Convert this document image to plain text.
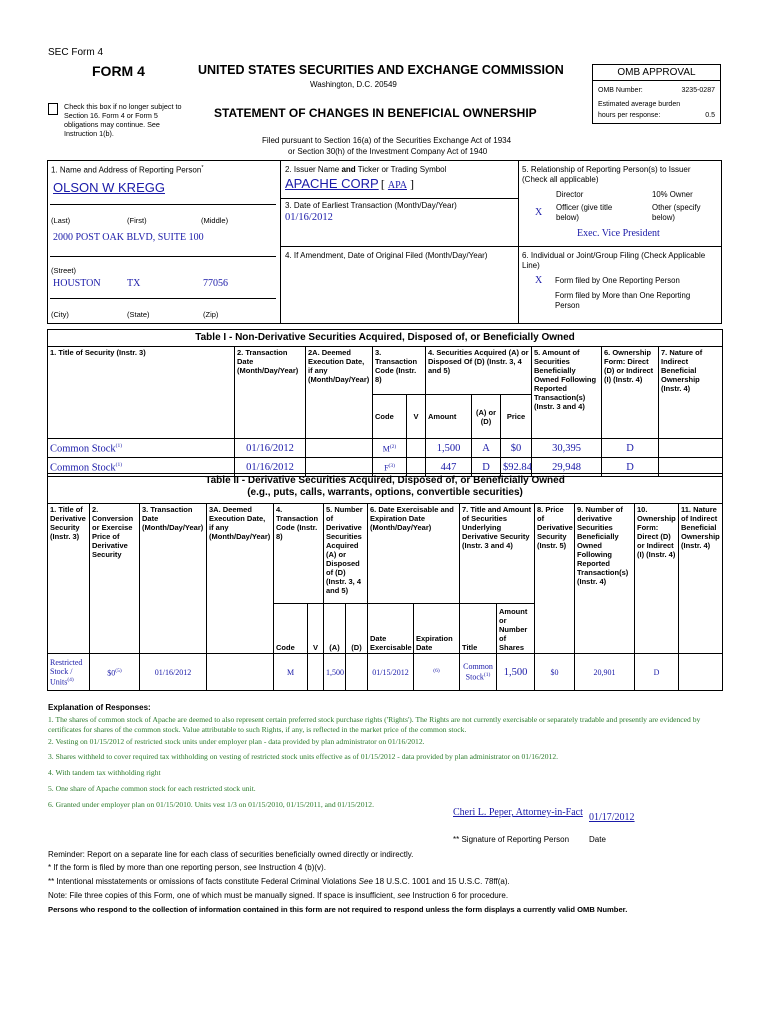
SEC Form 4
FORM 4	UNITED STATES SECURITIES AND EXCHANGE COMMISSION
Washington, D.C. 20549
Check this box if no longer subject to Section 16. Form 4 or Form 5 obligations may continue. See Instruction 1(b).
STATEMENT OF CHANGES IN BENEFICIAL OWNERSHIP
Filed pursuant to Section 16(a) of the Securities Exchange Act of 1934
or Section 30(h) of the Investment Company Act of 1940
OMB APPROVAL
OMB Number:	3235-0287
Estimated average burden
hours per response:	0.5
1. Name and Address of Reporting Person*
OLSON W KREGG
(Last)	(First)	(Middle)
2000 POST OAK BLVD, SUITE 100
(Street)
HOUSTON	TX	77056
(City)	(State)	(Zip)
2. Issuer Name and Ticker or Trading Symbol
APACHE CORP [ APA ]
3. Date of Earliest Transaction (Month/Day/Year)
01/16/2012
4. If Amendment, Date of Original Filed (Month/Day/Year)
5. Relationship of Reporting Person(s) to Issuer (Check all applicable)
Director	10% Owner
X Officer (give title below)
Other (specify below)
Exec. Vice President
6. Individual or Joint/Group Filing (Check Applicable Line)
X Form filed by One Reporting Person
Form filed by More than One Reporting Person
Table I - Non-Derivative Securities Acquired, Disposed of, or Beneficially Owned										
1. Title of Security (Instr. 3)	2. Transaction Date (Month/Day/Year)	2A. Deemed Execution Date, if any (Month/Day/Year)	3. Transaction Code (Instr. 8)		4. Securities Acquired (A) or Disposed Of (D) (Instr. 3, 4 and 5)			5. Amount of Securities Beneficially Owned Following Reported Transaction(s) (Instr. 3 and 4)	6. Ownership Form: Direct (D) or Indirect (I) (Instr. 4)	7. Nature of Indirect Beneficial Ownership (Instr. 4)
			Code	V	Amount	(A) or (D)	Price			
Common Stock$^{(1)}$	01/16/2012		$M^{(2)}$		1,500	A	$0	30,395	D	
Common Stock$^{(1)}$	01/16/2012		$F^{(3)}$		447	D	$92.84	29,948	D	
Table II - Derivative Securities Acquired, Disposed of, or Beneficially Owned
(e.g., puts, calls, warrants, options, convertible securities)															

1. Title of Derivative Security (Instr. 3)	2. Conversion or Exercise Price of Derivative Security	3. Transaction Date (Month/Day/Year)	3A. Deemed Execution Date, if any (Month/Day/Year)	4. Transaction Code (Instr. 8)		5. Number of Derivative Securities Acquired (A) or Disposed of (D) (Instr. 3, 4 and 5)		6. Date Exercisable and Expiration Date (Month/Day/Year)		7. Title and Amount of Securities Underlying Derivative Security (Instr. 3 and 4)		8. Price of Derivative Security (Instr. 5)	9. Number of derivative Securities Beneficially Owned Following Reported Transaction(s) (Instr. 4)	10. Ownership Form: Direct (D) or Indirect (I) (Instr. 4)	11. Nature of Indirect Beneficial Ownership (Instr. 4)
				Code	V	(A)	(D)	Date Exercisable	Expiration Date	Title	Amount or Number of Shares				
Restricted Stock / Units$^{(4)}$	$0$^{(5)}$	01/16/2012		M		1,500		01/15/2012	$^{(6)}$	Common Stock$^{(1)}$	1,500	$0	20,901	D	
Explanation of Responses:
1. The shares of common stock of Apache are deemed to also represent certain preferred stock purchase rights ('Rights'). The Rights are not currently exercisable or separately tradable and presently are evidenced by certificates for shares of the common stock. Value attributable to such Rights, if any, is reflected in the market price of the common stock.
2. Vesting on 01/15/2012 of restricted stock units under employer plan - data provided by plan administrator on 01/16/2012.
3. Shares withheld to cover required tax withholding on vesting of restricted stock units effective as of 01/15/2012 - data provided by plan administrator on 01/16/2012.
4. With tandem tax withholding right
5. One share of Apache common stock for each restricted stock unit.
6. Granted under employer plan on 01/15/2010. Units vest 1/3 on 01/15/2010, 01/15/2011, and 01/15/2012.
Cheri L. Peper, Attorney-in-Fact 01/17/2012
** Signature of Reporting Person Date
Reminder: Report on a separate line for each class of securities beneficially owned directly or indirectly.
* If the form is filed by more than one reporting person, see Instruction 4 (b)(v).
** Intentional misstatements or omissions of facts constitute Federal Criminal Violations See 18 U.S.C. 1001 and 15 U.S.C. 78ff(a).
Note: File three copies of this Form, one of which must be manually signed. If space is insufficient, see Instruction 6 for procedure.
Persons who respond to the collection of information contained in this form are not required to respond unless the form displays a currently valid OMB Number.
